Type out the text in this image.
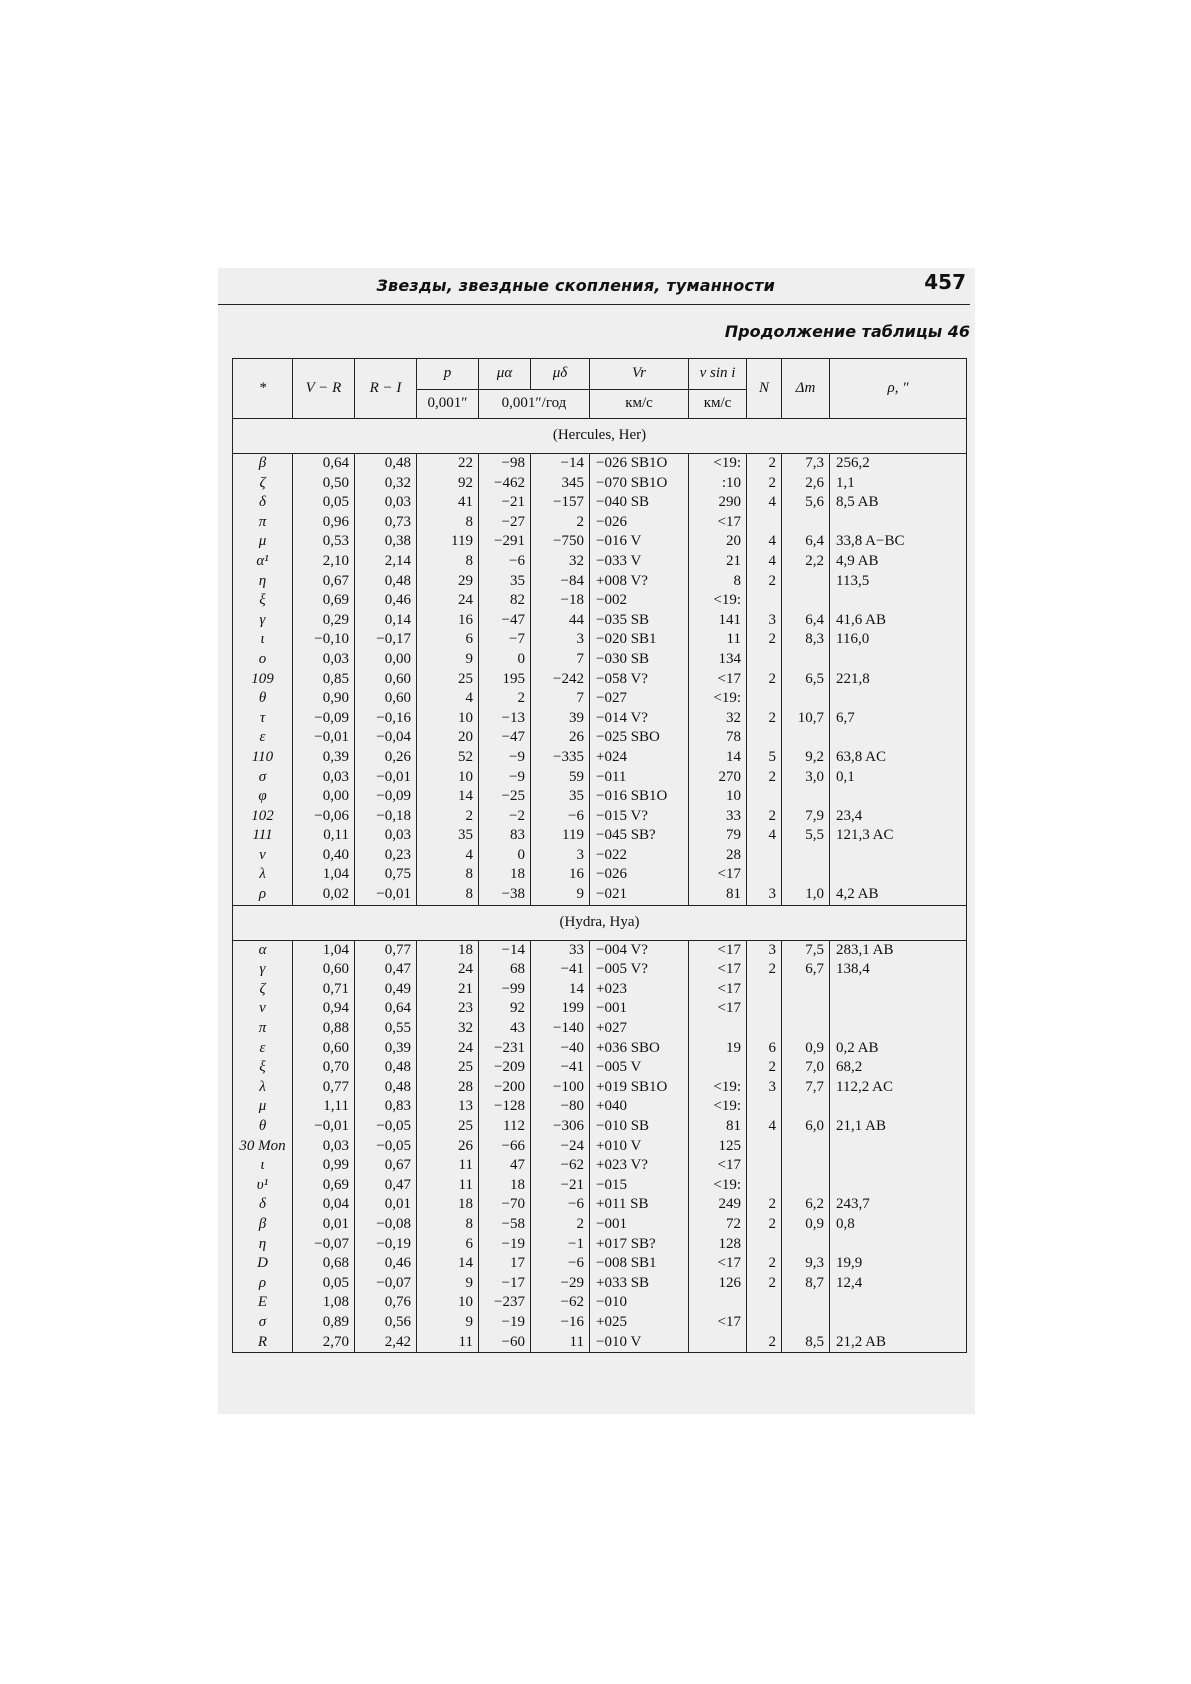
Звезды, звездные скопления, туманности	457
Продолжение таблицы 46
*	V − R	R − I	p	μα	μδ	Vr	v sin i	N	Δm	ρ, ″
			0,001″	0,001″/год		км/с	км/с			
(Hercules, Her)										
β	0,64	0,48	22	−98	−14	−026 SB1O	<19:	2	7,3	256,2
ζ	0,50	0,32	92	−462	345	−070 SB1O	:10	2	2,6	1,1
δ	0,05	0,03	41	−21	−157	−040 SB	290	4	5,6	8,5 AB
π	0,96	0,73	8	−27	2	−026	<17			
μ	0,53	0,38	119	−291	−750	−016 V	20	4	6,4	33,8 A−BC
α¹	2,10	2,14	8	−6	32	−033 V	21	4	2,2	4,9 AB
η	0,67	0,48	29	35	−84	+008 V?	8	2		113,5
ξ	0,69	0,46	24	82	−18	−002	<19:			
γ	0,29	0,14	16	−47	44	−035 SB	141	3	6,4	41,6 AB
ι	−0,10	−0,17	6	−7	3	−020 SB1	11	2	8,3	116,0
ο	0,03	0,00	9	0	7	−030 SB	134			
109	0,85	0,60	25	195	−242	−058 V?	<17	2	6,5	221,8
θ	0,90	0,60	4	2	7	−027	<19:			
τ	−0,09	−0,16	10	−13	39	−014 V?	32	2	10,7	6,7
ε	−0,01	−0,04	20	−47	26	−025 SBO	78			
110	0,39	0,26	52	−9	−335	+024	14	5	9,2	63,8 AC
σ	0,03	−0,01	10	−9	59	−011	270	2	3,0	0,1
φ	0,00	−0,09	14	−25	35	−016 SB1O	10			
102	−0,06	−0,18	2	−2	−6	−015 V?	33	2	7,9	23,4
111	0,11	0,03	35	83	119	−045 SB?	79	4	5,5	121,3 AC
ν	0,40	0,23	4	0	3	−022	28			
λ	1,04	0,75	8	18	16	−026	<17			
ρ	0,02	−0,01	8	−38	9	−021	81	3	1,0	4,2 AB
(Hydra, Hya)										
α	1,04	0,77	18	−14	33	−004 V?	<17	3	7,5	283,1 AB
γ	0,60	0,47	24	68	−41	−005 V?	<17	2	6,7	138,4
ζ	0,71	0,49	21	−99	14	+023	<17			
ν	0,94	0,64	23	92	199	−001	<17			
π	0,88	0,55	32	43	−140	+027				
ε	0,60	0,39	24	−231	−40	+036 SBO	19	6	0,9	0,2 AB
ξ	0,70	0,48	25	−209	−41	−005 V		2	7,0	68,2
λ	0,77	0,48	28	−200	−100	+019 SB1O	<19:	3	7,7	112,2 AC
μ	1,11	0,83	13	−128	−80	+040	<19:			
θ	−0,01	−0,05	25	112	−306	−010 SB	81	4	6,0	21,1 AB
30 Mon	0,03	−0,05	26	−66	−24	+010 V	125			
ι	0,99	0,67	11	47	−62	+023 V?	<17			
υ¹	0,69	0,47	11	18	−21	−015	<19:			
δ	0,04	0,01	18	−70	−6	+011 SB	249	2	6,2	243,7
β	0,01	−0,08	8	−58	2	−001	72	2	0,9	0,8
η	−0,07	−0,19	6	−19	−1	+017 SB?	128			
D	0,68	0,46	14	17	−6	−008 SB1	<17	2	9,3	19,9
ρ	0,05	−0,07	9	−17	−29	+033 SB	126	2	8,7	12,4
E	1,08	0,76	10	−237	−62	−010				
σ	0,89	0,56	9	−19	−16	+025	<17			
R	2,70	2,42	11	−60	11	−010 V		2	8,5	21,2 AB
